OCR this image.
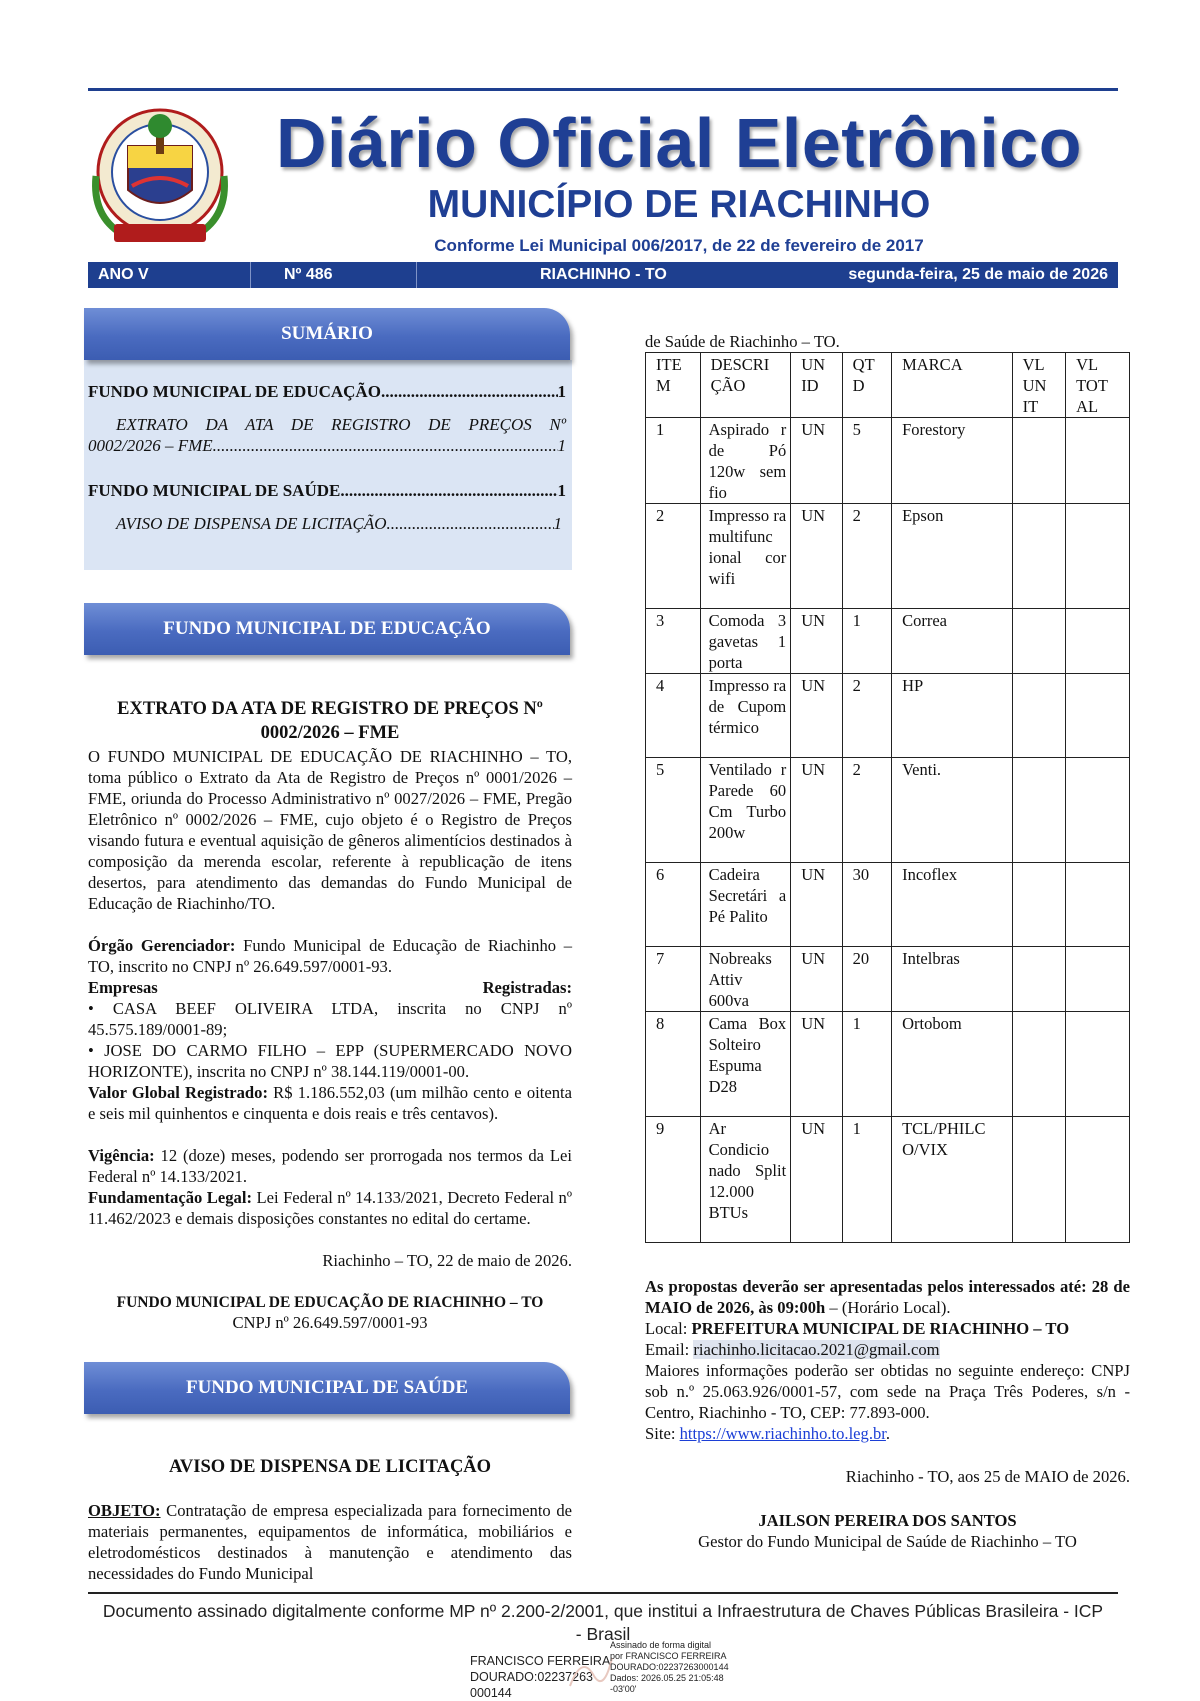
Diário Oficial Eletrônico
MUNICÍPIO DE RIACHINHO
Conforme Lei Municipal 006/2017, de 22 de fevereiro de 2017
ANO V	Nº 486	RIACHINHO - TO	segunda-feira, 25 de maio de 2026
SUMÁRIO
FUNDO MUNICIPAL DE EDUCAÇÃO .....	1
EXTRATO DA ATA DE REGISTRO DE PREÇOS Nº
0002/2026 – FME .....	1
FUNDO MUNICIPAL DE SAÚDE .....	1
AVISO DE DISPENSA DE LICITAÇÃO .....	1
FUNDO MUNICIPAL DE EDUCAÇÃO
EXTRATO DA ATA DE REGISTRO DE PREÇOS Nº
0002/2026 – FME
O FUNDO MUNICIPAL DE EDUCAÇÃO DE RIACHINHO – TO, toma público o Extrato da Ata de Registro de Preços nº 0001/2026 – FME, oriunda do Processo Administrativo nº 0027/2026 – FME, Pregão Eletrônico nº 0002/2026 – FME, cujo objeto é o Registro de Preços visando futura e eventual aquisição de gêneros alimentícios destinados à composição da merenda escolar, referente à republicação de itens desertos, para atendimento das demandas do Fundo Municipal de Educação de Riachinho/TO.
Órgão Gerenciador: Fundo Municipal de Educação de Riachinho – TO, inscrito no CNPJ nº 26.649.597/0001-93.
Empresas	Registradas:
• CASA BEEF OLIVEIRA LTDA, inscrita no CNPJ nº 45.575.189/0001-89;
• JOSE DO CARMO FILHO – EPP (SUPERMERCADO NOVO HORIZONTE), inscrita no CNPJ nº 38.144.119/0001-00.
Valor Global Registrado: R$ 1.186.552,03 (um milhão cento e oitenta e seis mil quinhentos e cinquenta e dois reais e três centavos).
Vigência: 12 (doze) meses, podendo ser prorrogada nos termos da Lei Federal nº 14.133/2021.
Fundamentação Legal: Lei Federal nº 14.133/2021, Decreto Federal nº 11.462/2023 e demais disposições constantes no edital do certame.
Riachinho – TO, 22 de maio de 2026.
FUNDO MUNICIPAL DE EDUCAÇÃO DE RIACHINHO – TO
CNPJ nº 26.649.597/0001-93
FUNDO MUNICIPAL DE SAÚDE
AVISO DE DISPENSA DE LICITAÇÃO
OBJETO: Contratação de empresa especializada para fornecimento de materiais permanentes, equipamentos de informática, mobiliários e eletrodomésticos destinados à manutenção e atendimento das necessidades do Fundo Municipal
de Saúde de Riachinho – TO.
ITE M	DESCRI ÇÃO	UN ID	QT D	MARCA	VL UN IT	VL TOT AL
1	Aspirado r de Pó 120w sem fio	UN	5	Forestory		
2	Impresso ra multifunc ional cor wifi	UN	2	Epson		
3	Comoda 3 gavetas 1 porta	UN	1	Correa		
4	Impresso ra de Cupom térmico	UN	2	HP		
5	Ventilado r Parede 60 Cm Turbo 200w	UN	2	Venti.		
6	Cadeira Secretári a Pé Palito	UN	30	Incoflex		
7	Nobreaks Attiv 600va	UN	20	Intelbras		
8	Cama Box Solteiro Espuma D28	UN	1	Ortobom		
9	Ar Condicio nado Split 12.000 BTUs	UN	1	TCL/PHILC O/VIX		
As propostas deverão ser apresentadas pelos interessados até: 28 de MAIO de 2026, às 09:00h – (Horário Local).
Local: PREFEITURA MUNICIPAL DE RIACHINHO – TO
Email: riachinho.licitacao.2021@gmail.com
Maiores informações poderão ser obtidas no seguinte endereço: CNPJ sob n.º 25.063.926/0001-57, com sede na Praça Três Poderes, s/n - Centro, Riachinho - TO, CEP: 77.893-000.
Site: https://www.riachinho.to.leg.br.
Riachinho - TO, aos 25 de MAIO de 2026.
JAILSON PEREIRA DOS SANTOS
Gestor do Fundo Municipal de Saúde de Riachinho – TO
Documento assinado digitalmente conforme MP nº 2.200-2/2001, que institui a Infraestrutura de Chaves Públicas Brasileira - ICP - Brasil
FRANCISCO FERREIRA
DOURADO:02237263
000144
Assinado de forma digital
por FRANCISCO FERREIRA
DOURADO:02237263000144
Dados: 2026.05.25 21:05:48
-03'00'
